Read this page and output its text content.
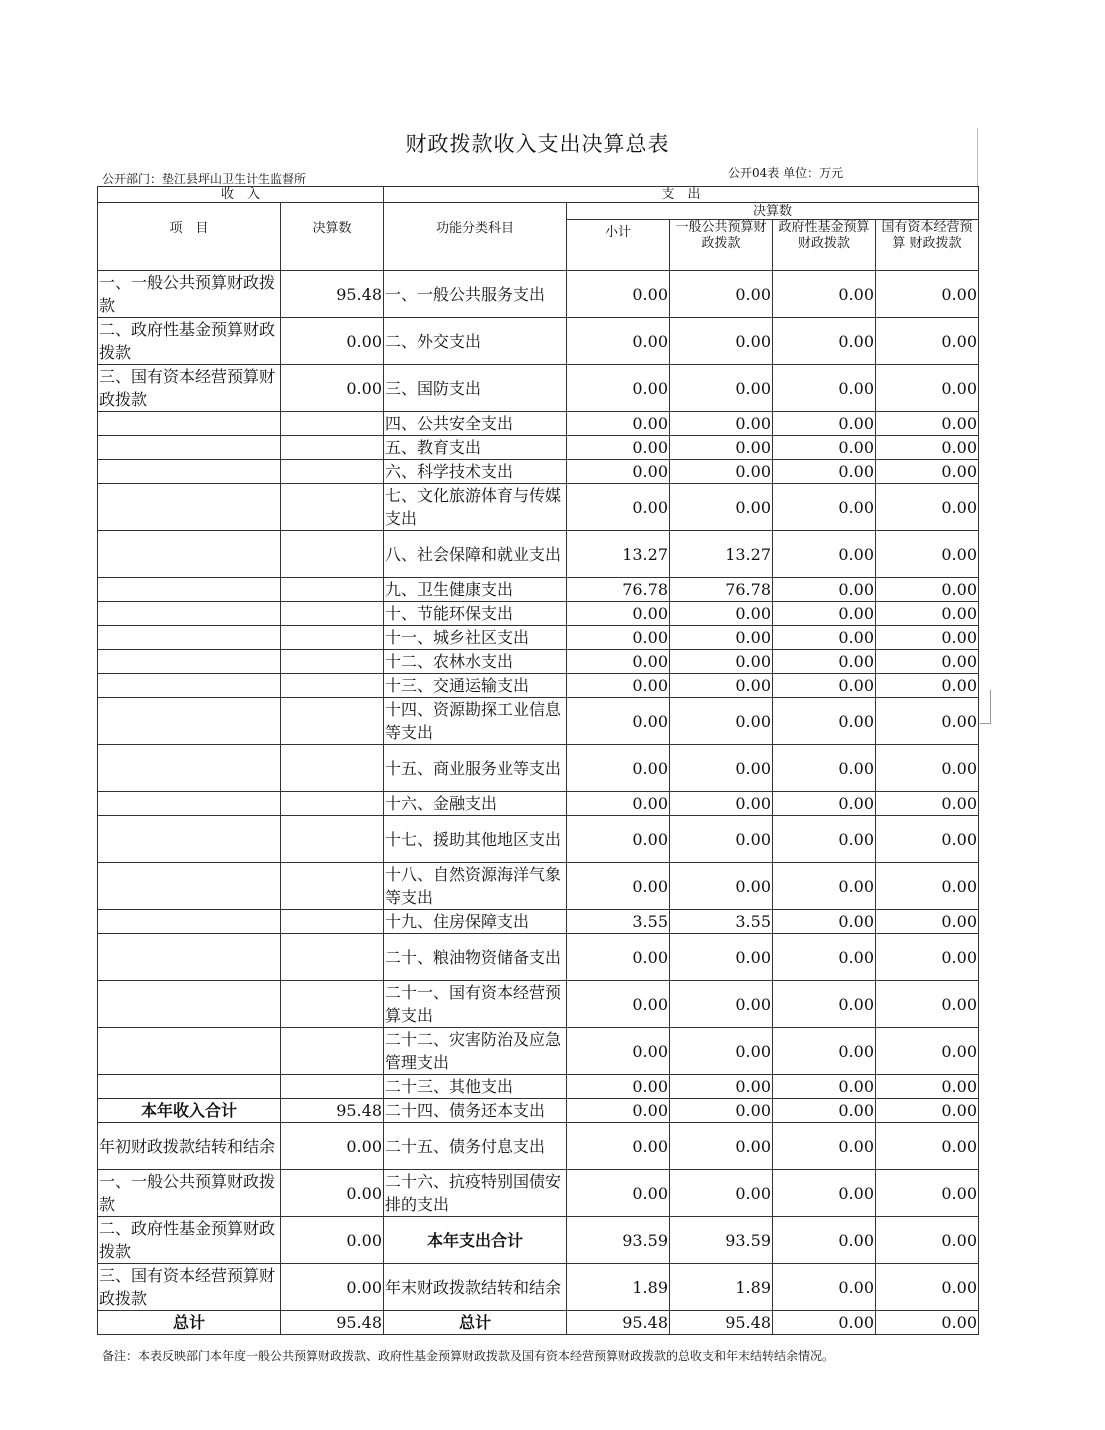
财政拨款收入支出决算总表
公开部门：垫江县坪山卫生计生监督所	公开04表 单位：万元
收　入		支　出				
项　目	决算数	功能分类科目	决算数			
			小计	一般公共预算财政拨款	政府性基金预算财政拨款	国有资本经营预算 财政拨款
一、一般公共预算财政拨款	95.48	一、一般公共服务支出	0.00	0.00	0.00	0.00
二、政府性基金预算财政拨款	0.00	二、外交支出	0.00	0.00	0.00	0.00
三、国有资本经营预算财政拨款	0.00	三、国防支出	0.00	0.00	0.00	0.00
		四、公共安全支出	0.00	0.00	0.00	0.00
		五、教育支出	0.00	0.00	0.00	0.00
		六、科学技术支出	0.00	0.00	0.00	0.00
		七、文化旅游体育与传媒支出	0.00	0.00	0.00	0.00
		八、社会保障和就业支出	13.27	13.27	0.00	0.00
		九、卫生健康支出	76.78	76.78	0.00	0.00
		十、节能环保支出	0.00	0.00	0.00	0.00
		十一、城乡社区支出	0.00	0.00	0.00	0.00
		十二、农林水支出	0.00	0.00	0.00	0.00
		十三、交通运输支出	0.00	0.00	0.00	0.00
		十四、资源勘探工业信息等支出	0.00	0.00	0.00	0.00
		十五、商业服务业等支出	0.00	0.00	0.00	0.00
		十六、金融支出	0.00	0.00	0.00	0.00
		十七、援助其他地区支出	0.00	0.00	0.00	0.00
		十八、自然资源海洋气象等支出	0.00	0.00	0.00	0.00
		十九、住房保障支出	3.55	3.55	0.00	0.00
		二十、粮油物资储备支出	0.00	0.00	0.00	0.00
		二十一、国有资本经营预算支出	0.00	0.00	0.00	0.00
		二十二、灾害防治及应急管理支出	0.00	0.00	0.00	0.00
		二十三、其他支出	0.00	0.00	0.00	0.00
本年收入合计	95.48	二十四、债务还本支出	0.00	0.00	0.00	0.00
年初财政拨款结转和结余	0.00	二十五、债务付息支出	0.00	0.00	0.00	0.00
一、一般公共预算财政拨款	0.00	二十六、抗疫特别国债安排的支出	0.00	0.00	0.00	0.00
二、政府性基金预算财政拨款	0.00	本年支出合计	93.59	93.59	0.00	0.00
三、国有资本经营预算财政拨款	0.00	年末财政拨款结转和结余	1.89	1.89	0.00	0.00
总计	95.48	总计	95.48	95.48	0.00	0.00
备注：本表反映部门本年度一般公共预算财政拨款、政府性基金预算财政拨款及国有资本经营预算财政拨款的总收支和年末结转结余情况。
